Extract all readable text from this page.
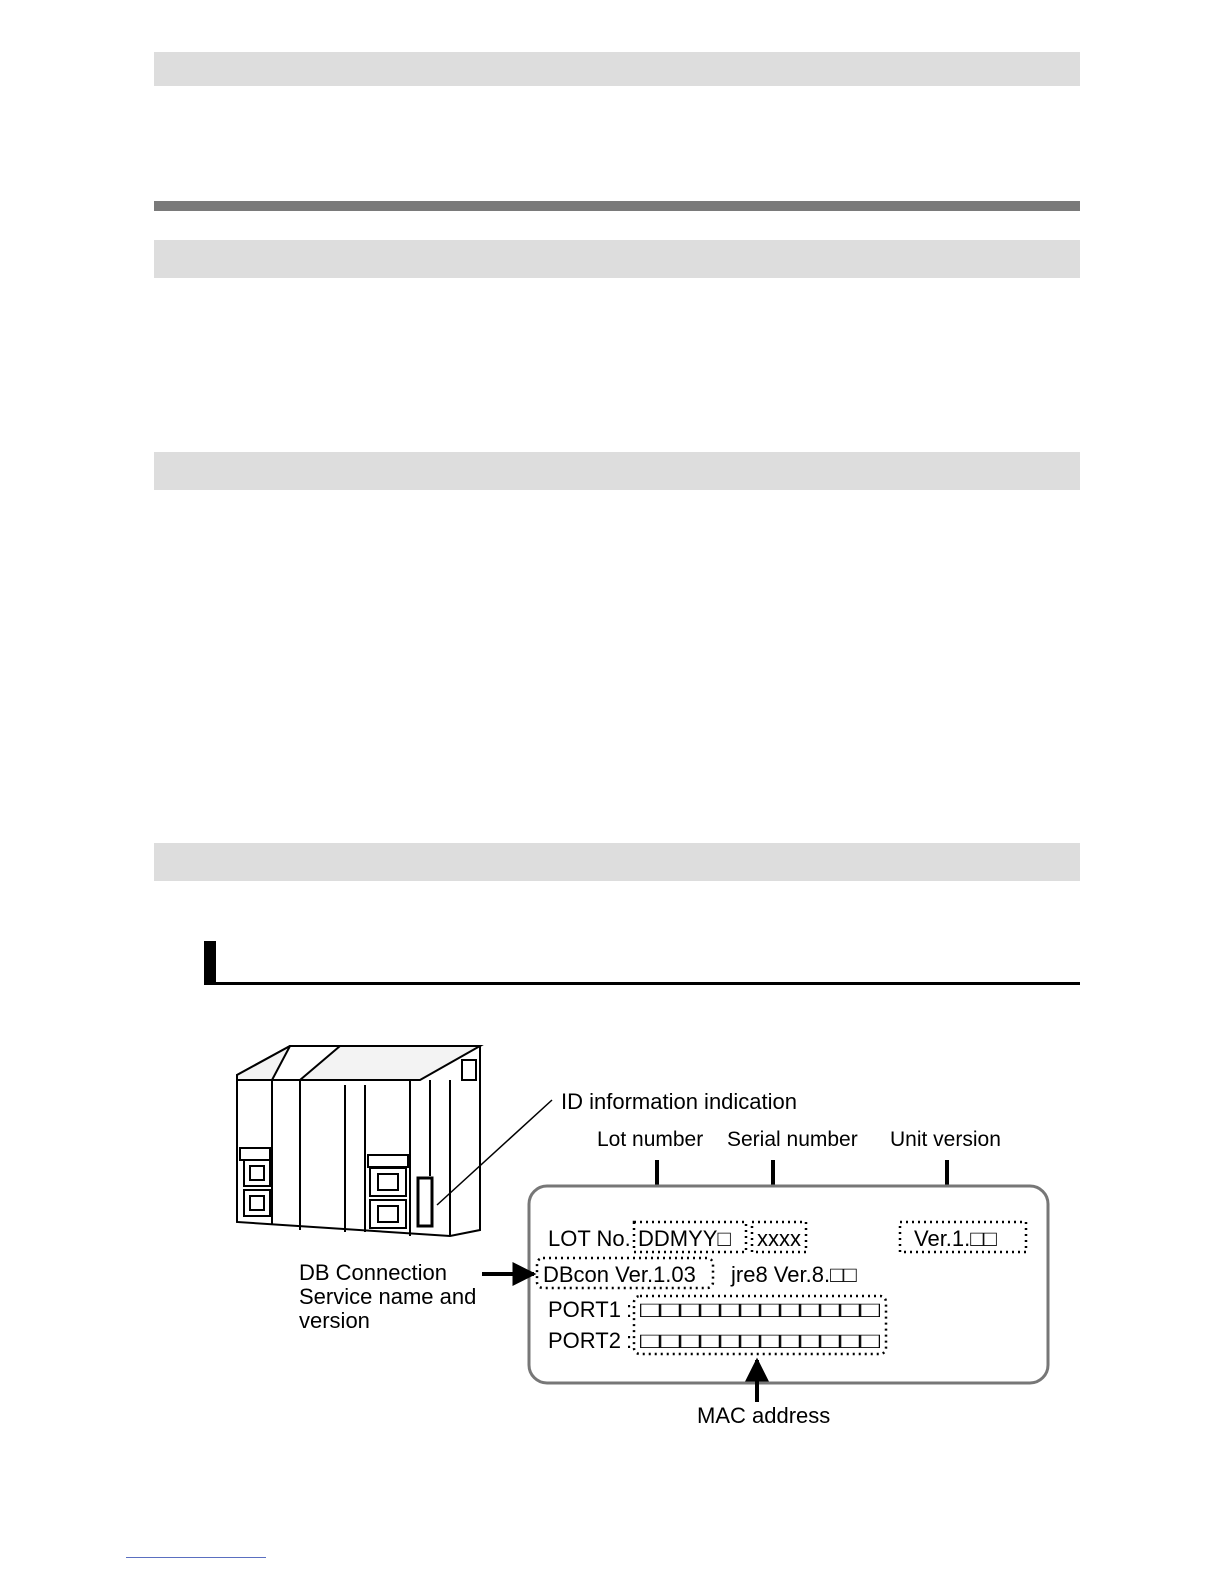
ID information indication
Lot number Serial number Unit version
LOT No. DDMYY□ xxxx	Ver.1.□□
DBcon Ver.1.03 jre8 Ver.8.□□
PORT1
PORT2
:
:
□□□□□□□□□□□□
□□□□□□□□□□□□
DB Connection
Service name and
version
MAC address
